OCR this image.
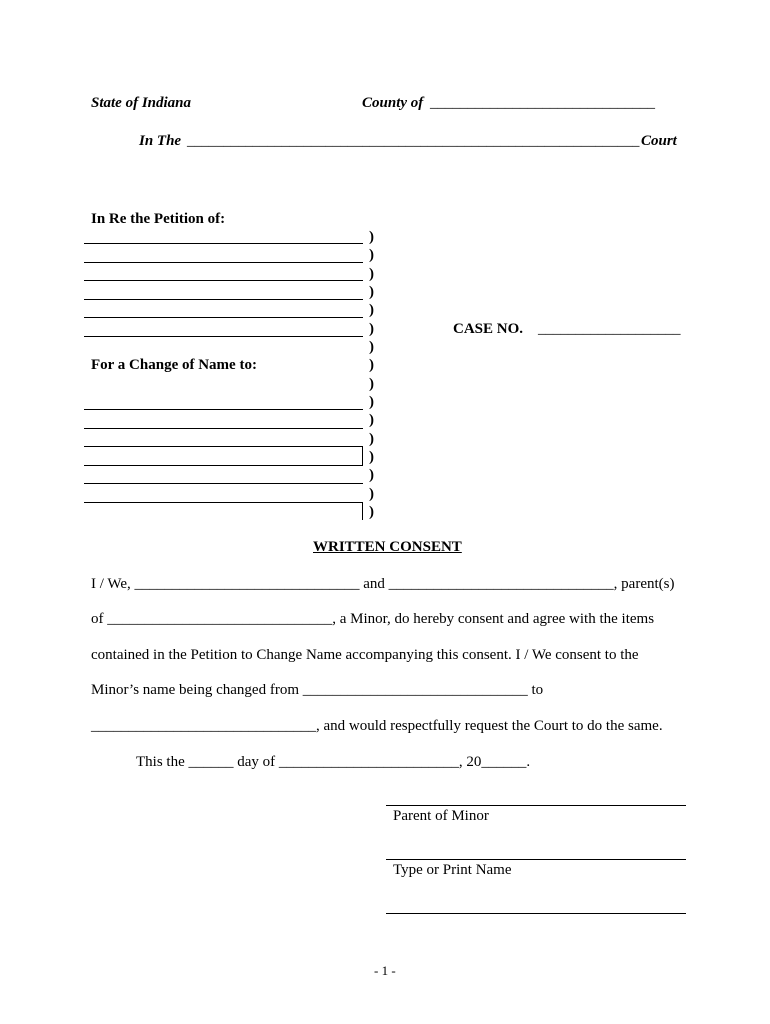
State of Indiana	County of ______________________________
In The ______________________________________________________________ Court
In Re the Petition of:
For a Change of Name to:
)
)
)
)
)
)
)
)
)
)
)
)
)
)
)
)
CASE NO. ___________________
WRITTEN CONSENT
I / We, ______________________________ and ______________________________, parent(s)
of ______________________________, a Minor, do hereby consent and agree with the items
contained in the Petition to Change Name accompanying this consent. I / We consent to the
Minor’s name being changed from ______________________________ to
______________________________, and would respectfully request the Court to do the same.
This the ______ day of ________________________, 20______.
Parent of Minor
Type or Print Name
- 1 -
